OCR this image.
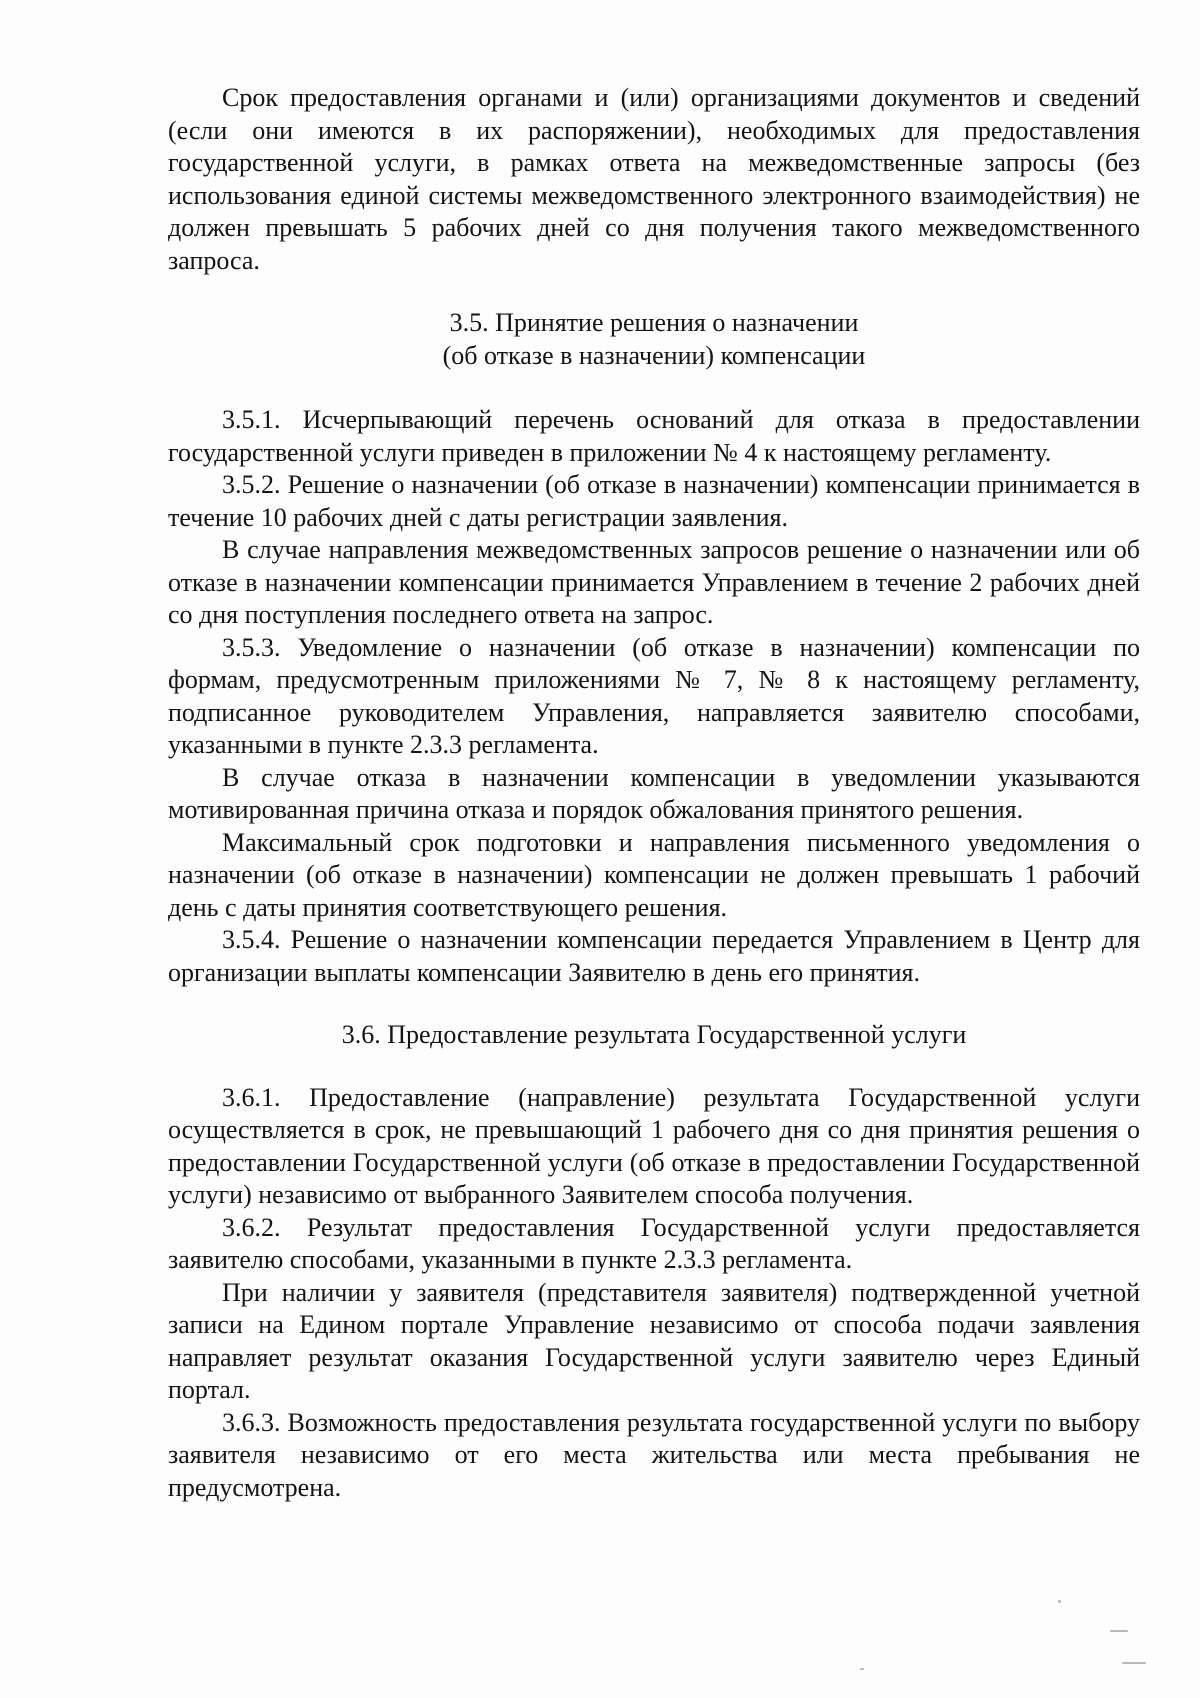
Срок предоставления органами и (или) организациями документов и сведений (если они имеются в их распоряжении), необходимых для предоставления государственной услуги, в рамках ответа на межведомственные запросы (без использования единой системы межведомственного электронного взаимодействия) не должен превышать 5 рабочих дней со дня получения такого межведомственного запроса.

3.5. Принятие решения о назначении

(об отказе в назначении) компенсации

3.5.1. Исчерпывающий перечень оснований для отказа в предоставлении государственной услуги приведен в приложении № 4 к настоящему регламенту.

3.5.2. Решение о назначении (об отказе в назначении) компенсации принимается в течение 10 рабочих дней с даты регистрации заявления.

В случае направления межведомственных запросов решение о назначении или об отказе в назначении компенсации принимается Управлением в течение 2 рабочих дней со дня поступления последнего ответа на запрос.

3.5.3. Уведомление о назначении (об отказе в назначении) компенсации по формам, предусмотренным приложениями № 7, № 8 к настоящему регламенту, подписанное руководителем Управления, направляется заявителю способами, указанными в пункте 2.3.3 регламента.

В случае отказа в назначении компенсации в уведомлении указываются мотивированная причина отказа и порядок обжалования принятого решения.

Максимальный срок подготовки и направления письменного уведомления о назначении (об отказе в назначении) компенсации не должен превышать 1 рабочий день с даты принятия соответствующего решения.

3.5.4. Решение о назначении компенсации передается Управлением в Центр для организации выплаты компенсации Заявителю в день его принятия.

3.6. Предоставление результата Государственной услуги

3.6.1. Предоставление (направление) результата Государственной услуги осуществляется в срок, не превышающий 1 рабочего дня со дня принятия решения о предоставлении Государственной услуги (об отказе в предоставлении Государственной услуги) независимо от выбранного Заявителем способа получения.

3.6.2. Результат предоставления Государственной услуги предоставляется заявителю способами, указанными в пункте 2.3.3 регламента.

При наличии у заявителя (представителя заявителя) подтвержденной учетной записи на Едином портале Управление независимо от способа подачи заявления направляет результат оказания Государственной услуги заявителю через Единый портал.

3.6.3. Возможность предоставления результата государственной услуги по выбору заявителя независимо от его места жительства или места пребывания не предусмотрена.
